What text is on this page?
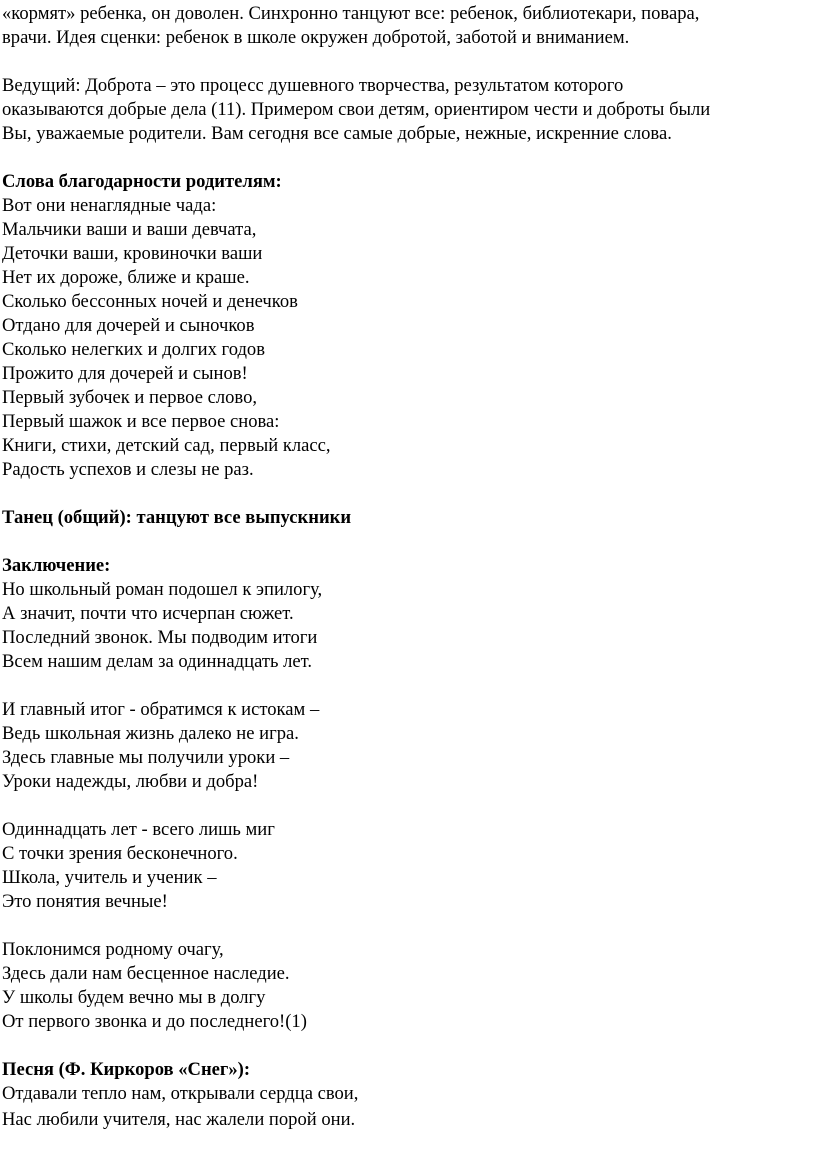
«кормят» ребенка, он доволен. Синхронно танцуют все: ребенок, библиотекари, повара,
врачи. Идея сценки: ребенок в школе окружен добротой, заботой и вниманием.
Ведущий: Доброта – это процесс душевного творчества, результатом которого
оказываются добрые дела (11). Примером свои детям, ориентиром чести и доброты были
Вы, уважаемые родители. Вам сегодня все самые добрые, нежные, искренние слова.
Слова благодарности родителям:
Вот они ненаглядные чада:
Мальчики ваши и ваши девчата,
Деточки ваши, кровиночки ваши
Нет их дороже, ближе и краше.
Сколько бессонных ночей и денечков
Отдано для дочерей и сыночков
Сколько нелегких и долгих годов
Прожито для дочерей и сынов!
Первый зубочек и первое слово,
Первый шажок и все первое снова:
Книги, стихи, детский сад, первый класс,
Радость успехов и слезы не раз.
Танец (общий): танцуют все выпускники
Заключение:
Но школьный роман подошел к эпилогу,
А значит, почти что исчерпан сюжет.
Последний звонок. Мы подводим итоги
Всем нашим делам за одиннадцать лет.
И главный итог - обратимся к истокам –
Ведь школьная жизнь далеко не игра.
Здесь главные мы получили уроки –
Уроки надежды, любви и добра!
Одиннадцать лет - всего лишь миг
С точки зрения бесконечного.
Школа, учитель и ученик –
Это понятия вечные!
Поклонимся родному очагу,
Здесь дали нам бесценное наследие.
У школы будем вечно мы в долгу
От первого звонка и до последнего!(1)
Песня (Ф. Киркоров «Снег»):
Отдавали тепло нам, открывали сердца свои,
Нас любили учителя, нас жалели порой они.
